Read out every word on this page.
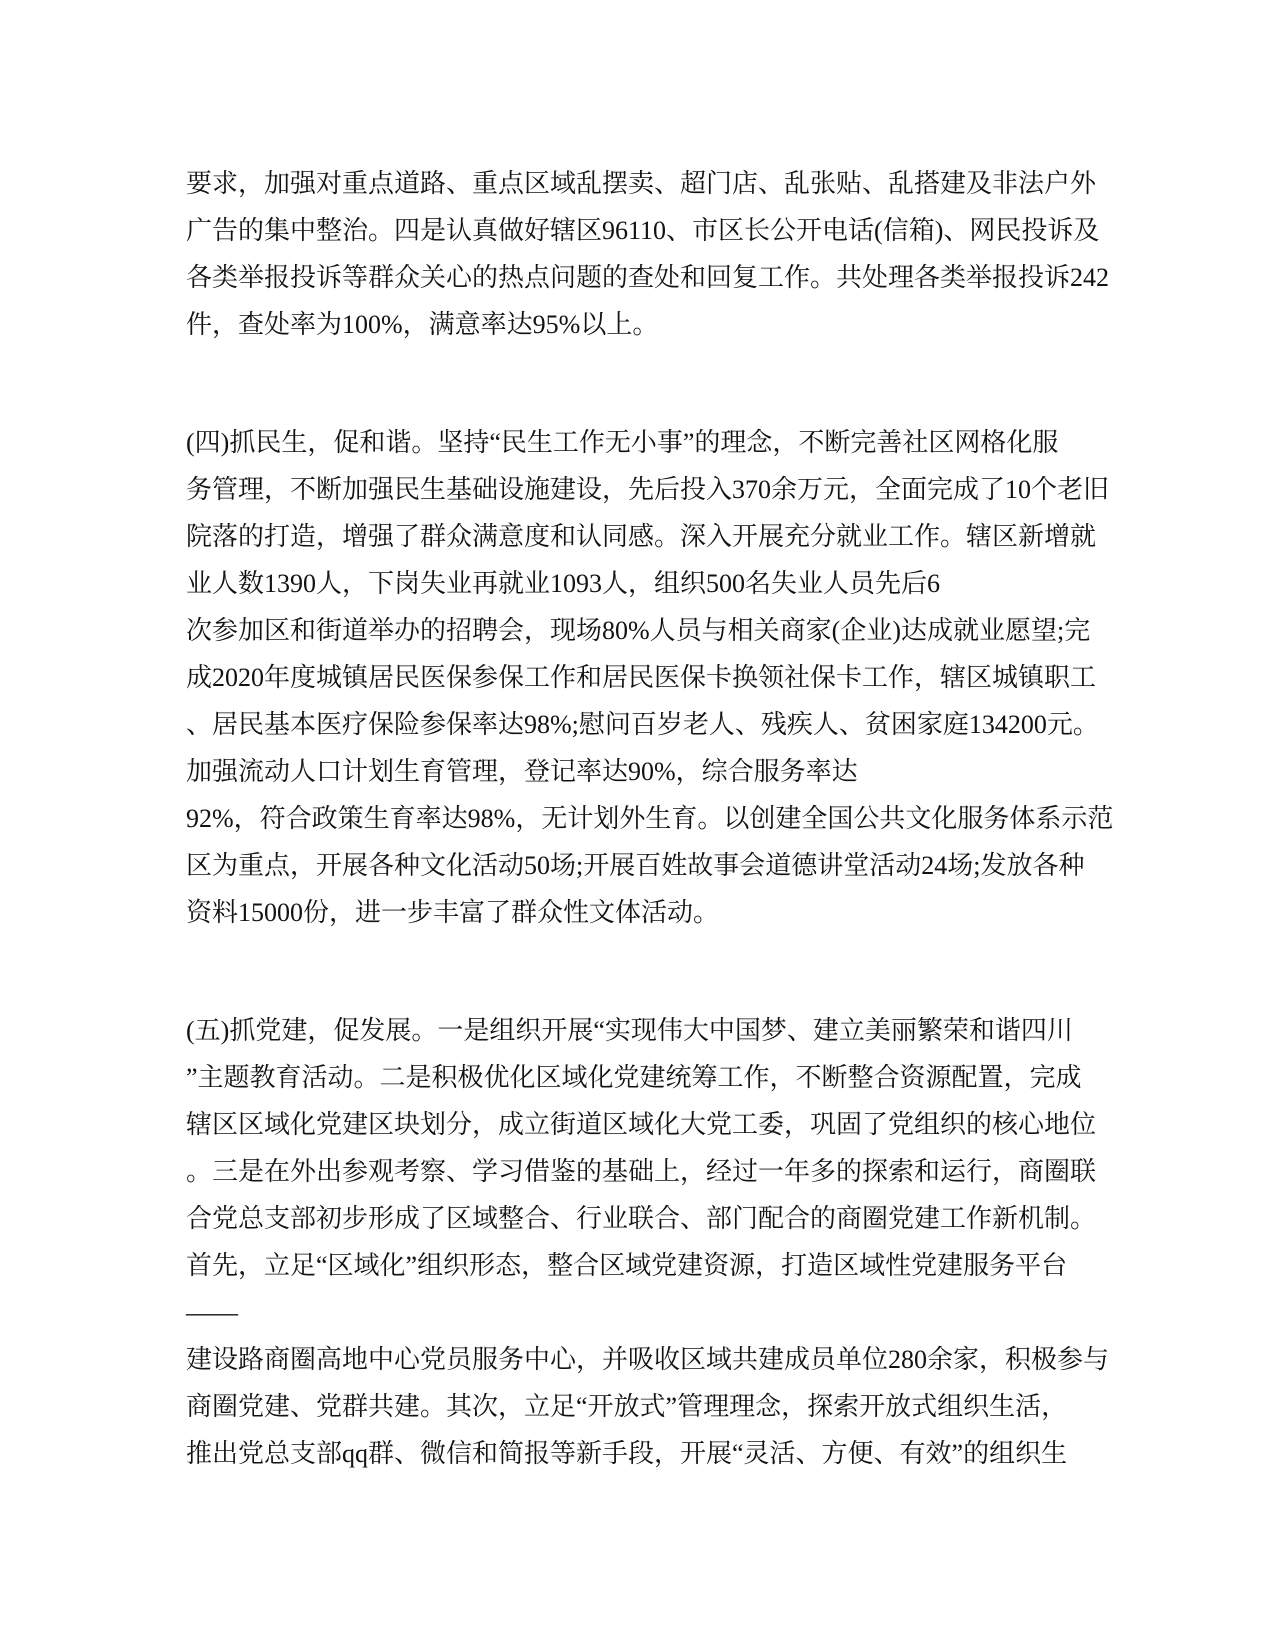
要求，加强对重点道路、重点区域乱摆卖、超门店、乱张贴、乱搭建及非法户外
广告的集中整治。四是认真做好辖区96110、市区长公开电话(信箱)、网民投诉及
各类举报投诉等群众关心的热点问题的查处和回复工作。共处理各类举报投诉242
件，查处率为100%，满意率达95%以上。
(四)抓民生，促和谐。坚持“民生工作无小事”的理念，不断完善社区网格化服
务管理，不断加强民生基础设施建设，先后投入370余万元，全面完成了10个老旧
院落的打造，增强了群众满意度和认同感。深入开展充分就业工作。辖区新增就
业人数1390人，下岗失业再就业1093人，组织500名失业人员先后6
次参加区和街道举办的招聘会，现场80%人员与相关商家(企业)达成就业愿望;完
成2020年度城镇居民医保参保工作和居民医保卡换领社保卡工作，辖区城镇职工
、居民基本医疗保险参保率达98%;慰问百岁老人、残疾人、贫困家庭134200元。
加强流动人口计划生育管理，登记率达90%，综合服务率达
92%，符合政策生育率达98%，无计划外生育。以创建全国公共文化服务体系示范
区为重点，开展各种文化活动50场;开展百姓故事会道德讲堂活动24场;发放各种
资料15000份，进一步丰富了群众性文体活动。
(五)抓党建，促发展。一是组织开展“实现伟大中国梦、建立美丽繁荣和谐四川
”主题教育活动。二是积极优化区域化党建统筹工作，不断整合资源配置，完成
辖区区域化党建区块划分，成立街道区域化大党工委，巩固了党组织的核心地位
。三是在外出参观考察、学习借鉴的基础上，经过一年多的探索和运行，商圈联
合党总支部初步形成了区域整合、行业联合、部门配合的商圈党建工作新机制。
首先，立足“区域化”组织形态，整合区域党建资源，打造区域性党建服务平台
——
建设路商圈高地中心党员服务中心，并吸收区域共建成员单位280余家，积极参与
商圈党建、党群共建。其次，立足“开放式”管理理念，探索开放式组织生活，
推出党总支部qq群、微信和简报等新手段，开展“灵活、方便、有效”的组织生
